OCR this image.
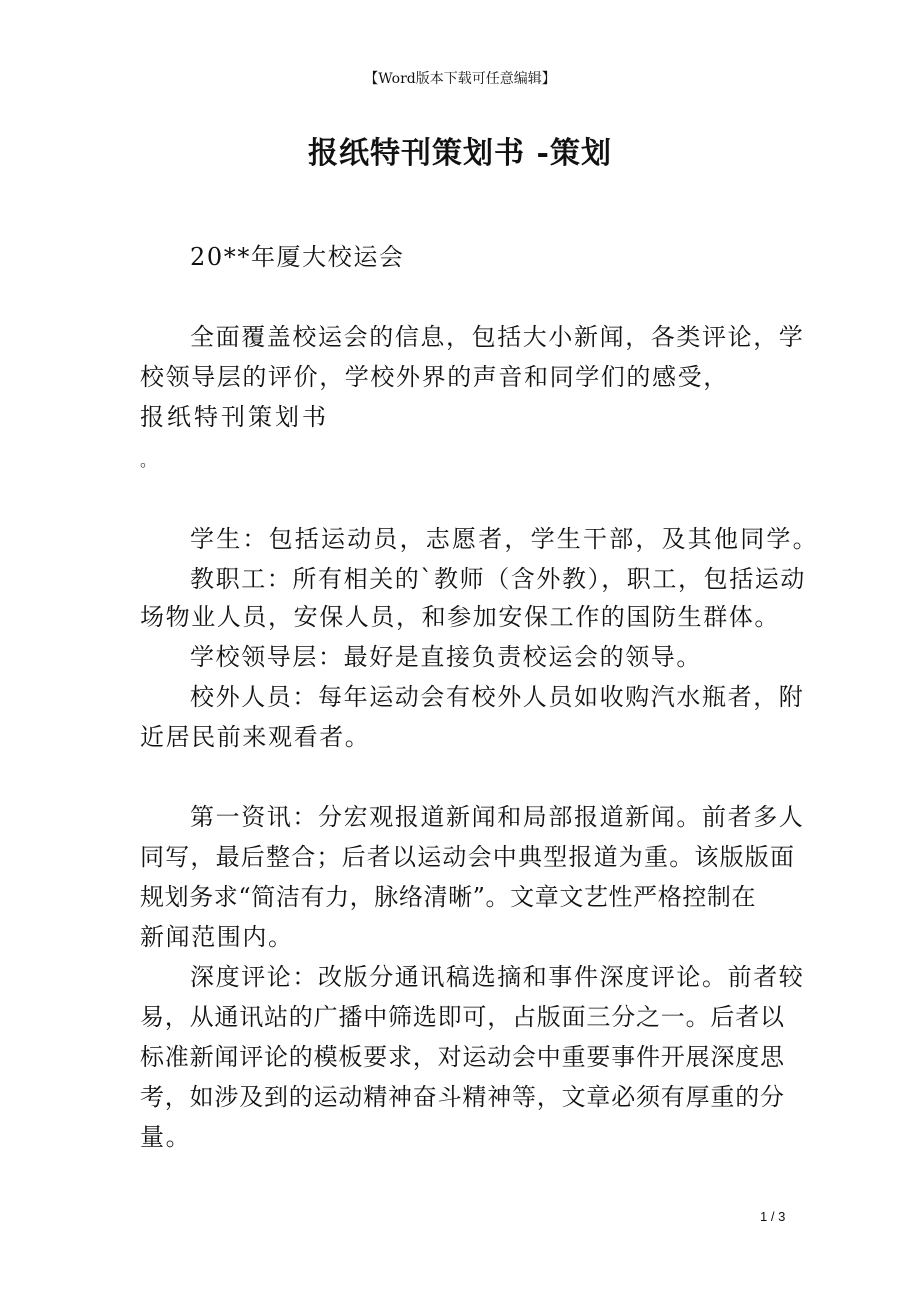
【Word版本下载可任意编辑】
报纸特刊策划书 -策划
20**年厦大校运会
全面覆盖校运会的信息，包括大小新闻，各类评论，学
校领导层的评价，学校外界的声音和同学们的感受，
报纸特刊策划书
。
学生：包括运动员，志愿者，学生干部，及其他同学。
教职工：所有相关的`教师（含外教），职工，包括运动
场物业人员，安保人员，和参加安保工作的国防生群体。
学校领导层：最好是直接负责校运会的领导。
校外人员：每年运动会有校外人员如收购汽水瓶者，附
近居民前来观看者。
第一资讯：分宏观报道新闻和局部报道新闻。前者多人
同写，最后整合；后者以运动会中典型报道为重。该版版面
规划务求“简洁有力，脉络清晰”。文章文艺性严格控制在
新闻范围内。
深度评论：改版分通讯稿选摘和事件深度评论。前者较
易，从通讯站的广播中筛选即可，占版面三分之一。后者以
标准新闻评论的模板要求，对运动会中重要事件开展深度思
考，如涉及到的运动精神奋斗精神等，文章必须有厚重的分
量。
1 / 3
